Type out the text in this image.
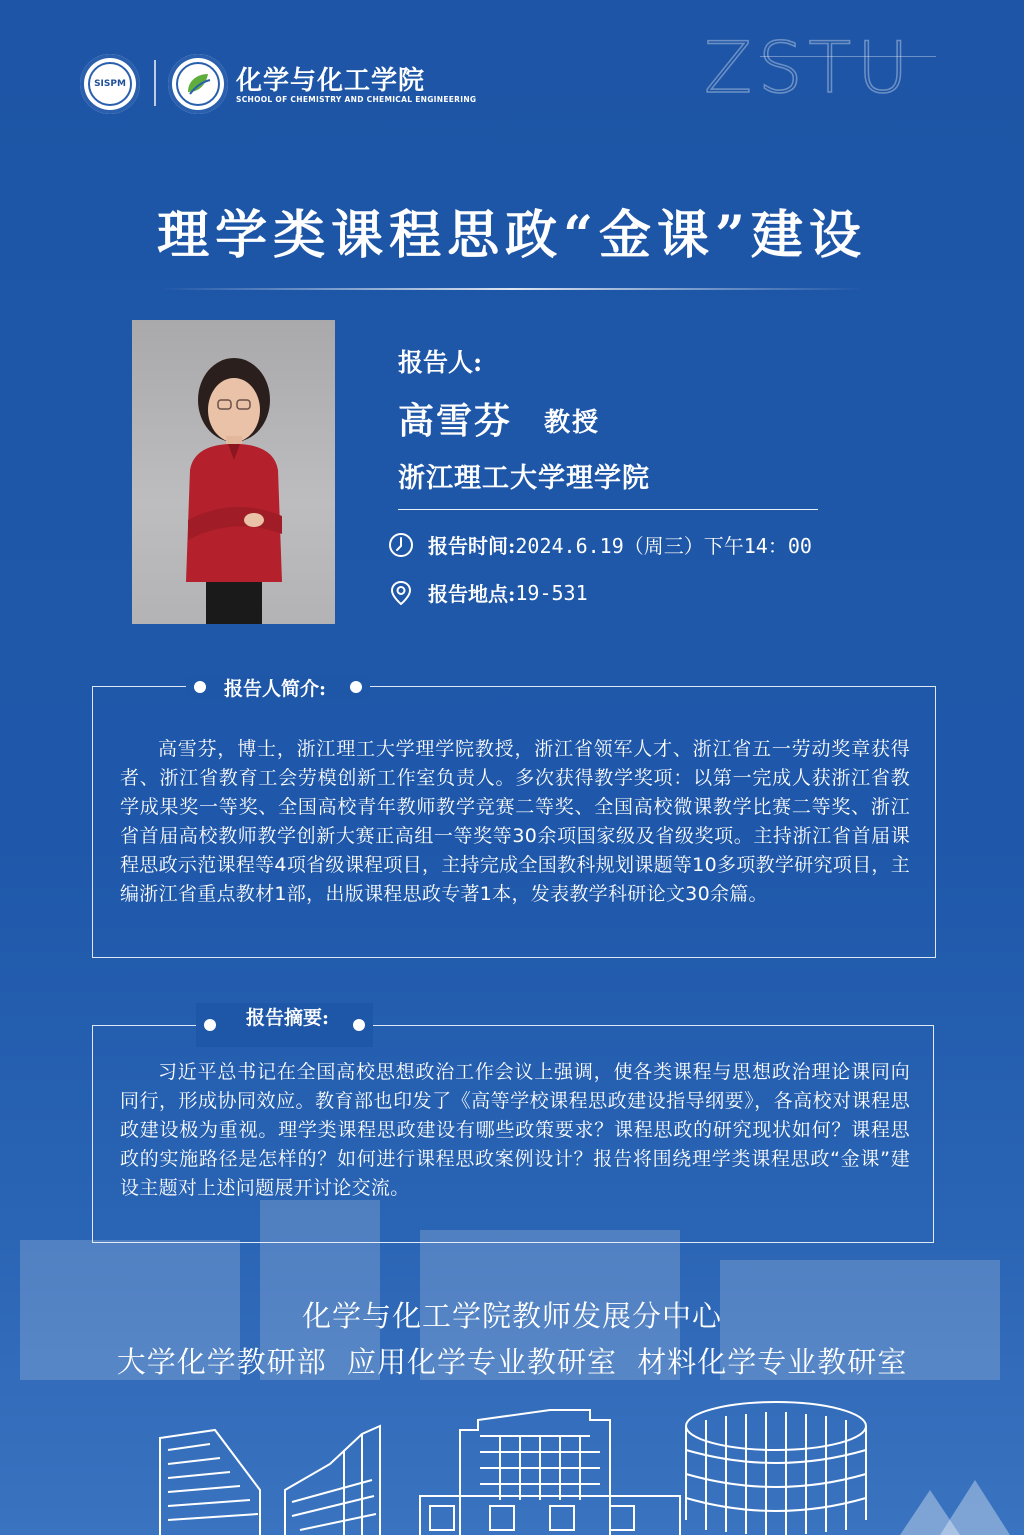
SISPM	化学与化工学院
SCHOOL OF CHEMISTRY AND CHEMICAL ENGINEERING	ZSTU
理学类课程思政“金课”建设
报告人:
高雪芬 教授
浙江理工大学理学院
报告时间: 2024.6.19（周三）下午14：00
报告地点: 19-531
报告人简介:
高雪芬，博士，浙江理工大学理学院教授，浙江省领军人才、浙江省五一劳动奖章获得者、浙江省教育工会劳模创新工作室负责人。多次获得教学奖项：以第一完成人获浙江省教学成果奖一等奖、全国高校青年教师教学竞赛二等奖、全国高校微课教学比赛二等奖、浙江省首届高校教师教学创新大赛正高组一等奖等30余项国家级及省级奖项。主持浙江省首届课程思政示范课程等4项省级课程项目，主持完成全国教科规划课题等10多项教学研究项目，主编浙江省重点教材1部，出版课程思政专著1本，发表教学科研论文30余篇。
报告摘要:
习近平总书记在全国高校思想政治工作会议上强调，使各类课程与思想政治理论课同向同行，形成协同效应。教育部也印发了《高等学校课程思政建设指导纲要》，各高校对课程思政建设极为重视。理学类课程思政建设有哪些政策要求？课程思政的研究现状如何？课程思政的实施路径是怎样的？如何进行课程思政案例设计？报告将围绕理学类课程思政“金课”建设主题对上述问题展开讨论交流。
化学与化工学院教师发展分中心
大学化学教研部 应用化学专业教研室 材料化学专业教研室
